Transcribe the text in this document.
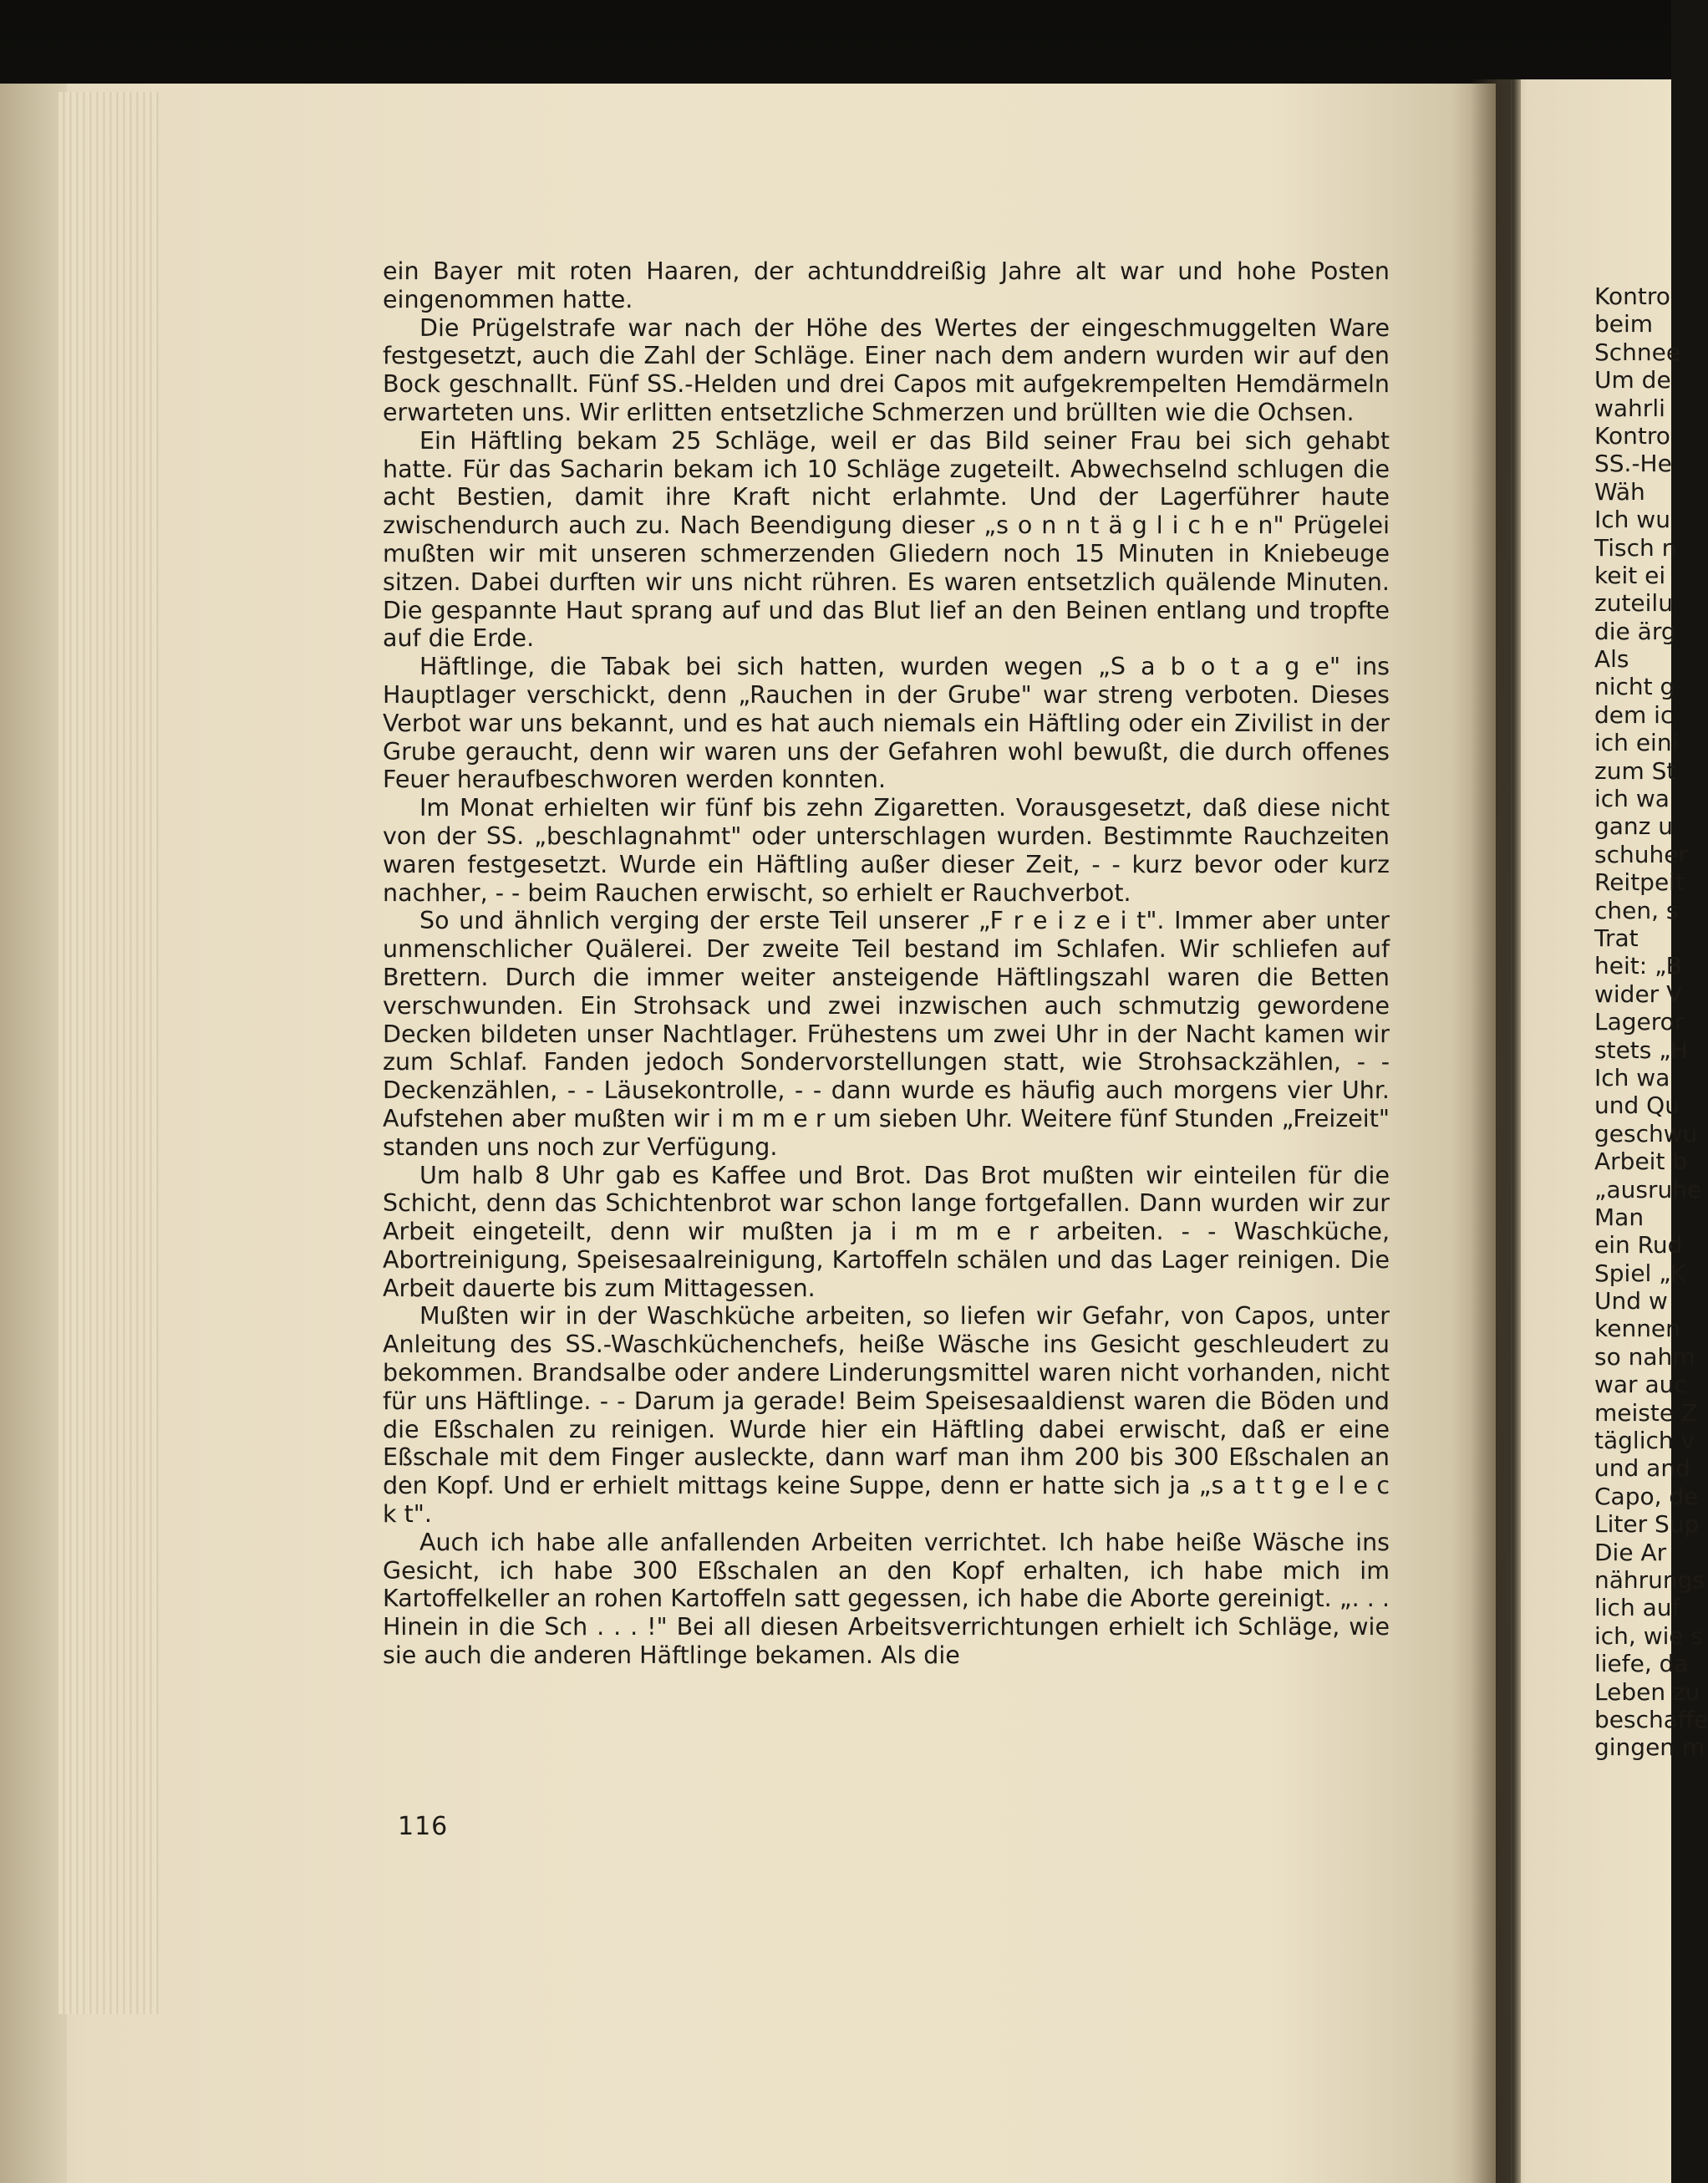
ein Bayer mit roten Haaren, der achtunddreißig Jahre alt war und hohe Posten eingenommen hatte.

Die Prügelstrafe war nach der Höhe des Wertes der eingeschmuggelten Ware festgesetzt, auch die Zahl der Schläge. Einer nach dem andern wurden wir auf den Bock geschnallt. Fünf SS.-Helden und drei Capos mit aufgekrempelten Hemdärmeln erwarteten uns. Wir erlitten entsetzliche Schmerzen und brüllten wie die Ochsen.

Ein Häftling bekam 25 Schläge, weil er das Bild seiner Frau bei sich gehabt hatte. Für das Sacharin bekam ich 10 Schläge zugeteilt. Abwechselnd schlugen die acht Bestien, damit ihre Kraft nicht erlahmte. Und der Lagerführer haute zwischendurch auch zu. Nach Beendigung dieser „s o n n t ä g l i c h e n" Prügelei mußten wir mit unseren schmerzenden Gliedern noch 15 Minuten in Kniebeuge sitzen. Dabei durften wir uns nicht rühren. Es waren entsetzlich quälende Minuten. Die gespannte Haut sprang auf und das Blut lief an den Beinen entlang und tropfte auf die Erde.

Häftlinge, die Tabak bei sich hatten, wurden wegen „S a b o t a g e" ins Hauptlager verschickt, denn „Rauchen in der Grube" war streng verboten. Dieses Verbot war uns bekannt, und es hat auch niemals ein Häftling oder ein Zivilist in der Grube geraucht, denn wir waren uns der Gefahren wohl bewußt, die durch offenes Feuer heraufbeschworen werden konnten.

Im Monat erhielten wir fünf bis zehn Zigaretten. Vorausgesetzt, daß diese nicht von der SS. „beschlagnahmt" oder unterschlagen wurden. Bestimmte Rauchzeiten waren festgesetzt. Wurde ein Häftling außer dieser Zeit, - - kurz bevor oder kurz nachher, - - beim Rauchen erwischt, so erhielt er Rauchverbot.

So und ähnlich verging der erste Teil unserer „F r e i z e i t". Immer aber unter unmenschlicher Quälerei. Der zweite Teil bestand im Schlafen. Wir schliefen auf Brettern. Durch die immer weiter ansteigende Häftlingszahl waren die Betten verschwunden. Ein Strohsack und zwei inzwischen auch schmutzig gewordene Decken bildeten unser Nachtlager. Frühestens um zwei Uhr in der Nacht kamen wir zum Schlaf. Fanden jedoch Sondervorstellungen statt, wie Strohsackzählen, - - Deckenzählen, - - Läusekontrolle, - - dann wurde es häufig auch morgens vier Uhr. Aufstehen aber mußten wir i m m e r um sieben Uhr. Weitere fünf Stunden „Freizeit" standen uns noch zur Verfügung.

Um halb 8 Uhr gab es Kaffee und Brot. Das Brot mußten wir einteilen für die Schicht, denn das Schichtenbrot war schon lange fortgefallen. Dann wurden wir zur Arbeit eingeteilt, denn wir mußten ja i m m e r arbeiten. - - Waschküche, Abortreinigung, Speisesaalreinigung, Kartoffeln schälen und das Lager reinigen. Die Arbeit dauerte bis zum Mittagessen.

Mußten wir in der Waschküche arbeiten, so liefen wir Gefahr, von Capos, unter Anleitung des SS.-Waschküchenchefs, heiße Wäsche ins Gesicht geschleudert zu bekommen. Brandsalbe oder andere Linderungsmittel waren nicht vorhanden, nicht für uns Häftlinge. - - Darum ja gerade! Beim Speisesaaldienst waren die Böden und die Eßschalen zu reinigen. Wurde hier ein Häftling dabei erwischt, daß er eine Eßschale mit dem Finger ausleckte, dann warf man ihm 200 bis 300 Eßschalen an den Kopf. Und er erhielt mittags keine Suppe, denn er hatte sich ja „s a t t g e l e c k t".

Auch ich habe alle anfallenden Arbeiten verrichtet. Ich habe heiße Wäsche ins Gesicht, ich habe 300 Eßschalen an den Kopf erhalten, ich habe mich im Kartoffelkeller an rohen Kartoffeln satt gegessen, ich habe die Aborte gereinigt. „. . . Hinein in die Sch . . . !" Bei all diesen Arbeitsverrichtungen erhielt ich Schläge, wie sie auch die anderen Häftlinge bekamen. Als die

116
Kontro
beim
Schnee
Um de
wahrli
Kontro
SS.-He
Wäh
Ich wu
Tisch n
keit ei
zuteilu
die ärg
Als
nicht g
dem ic
ich eini
zum St
ich wa
ganz u
schuher
Reitpeit
chen, s
Trat
heit: „B
wider V
Lageror
stets „H
Ich wa
und Qu
geschwu
Arbeit b
„ausruhe
Man
ein Rud
Spiel „K
Und w
kennen
so nahm
war auc
meiste Z
täglich v
und and
Capo, de
Liter Sup
Die Ar
nährungs
lich auf
ich, wie s
liefe, da
Leben zu
beschaffe
gingen m
